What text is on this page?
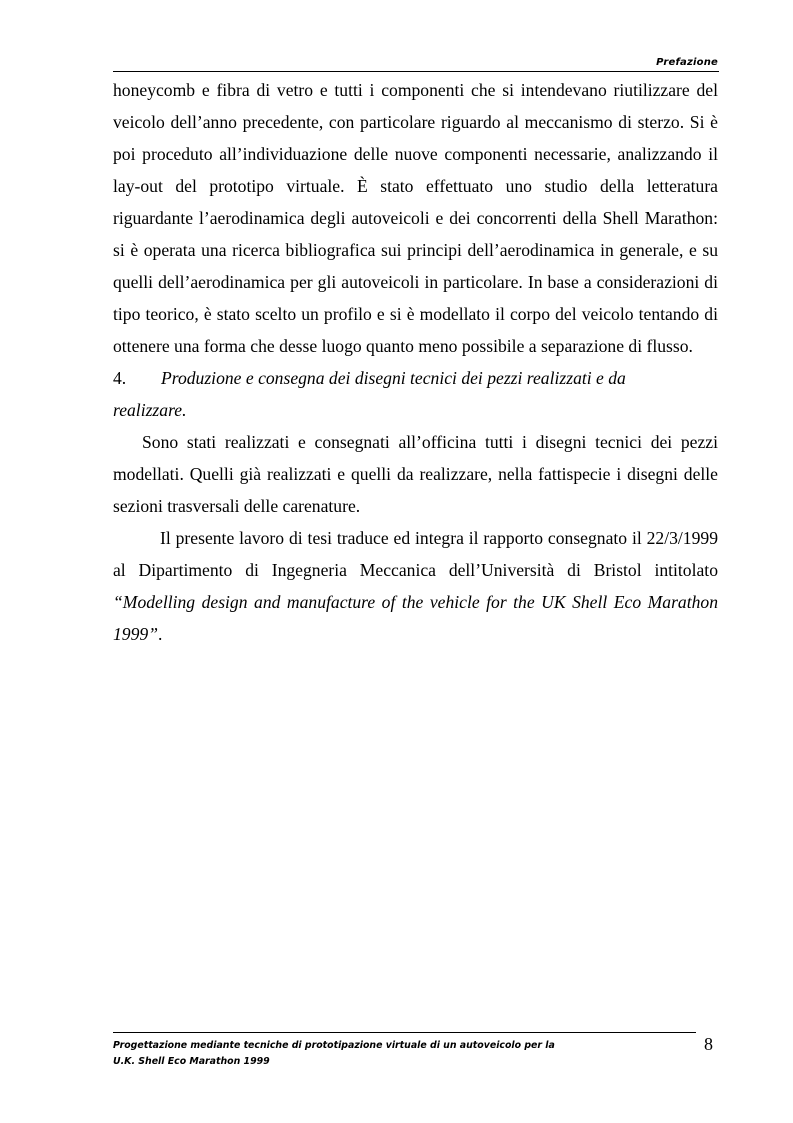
Prefazione

honeycomb e fibra di vetro e tutti i componenti che si intendevano riutilizzare del veicolo dell’anno precedente, con particolare riguardo al meccanismo di sterzo. Si è poi proceduto all’individuazione delle nuove componenti necessarie, analizzando il lay-out del prototipo virtuale. È stato effettuato uno studio della letteratura riguardante l’aerodinamica degli autoveicoli e dei concorrenti della Shell Marathon: si è operata una ricerca bibliografica sui principi dell’aerodinamica in generale, e su quelli dell’aerodinamica per gli autoveicoli in particolare. In base a considerazioni di tipo teorico, è stato scelto un profilo e si è modellato il corpo del veicolo tentando di ottenere una forma che desse luogo quanto meno possibile a separazione di flusso.

4.	Produzione e consegna dei disegni tecnici dei pezzi realizzati e da

realizzare.

Sono stati realizzati e consegnati all’officina tutti i disegni tecnici dei pezzi modellati. Quelli già realizzati e quelli da realizzare, nella fattispecie i disegni delle sezioni trasversali delle carenature.

Il presente lavoro di tesi traduce ed integra il rapporto consegnato il 22/3/1999 al Dipartimento di Ingegneria Meccanica dell’Università di Bristol intitolato “Modelling design and manufacture of the vehicle for the UK Shell Eco Marathon 1999”.

Progettazione mediante tecniche di prototipazione virtuale di un autoveicolo per la
U.K. Shell Eco Marathon 1999
8
